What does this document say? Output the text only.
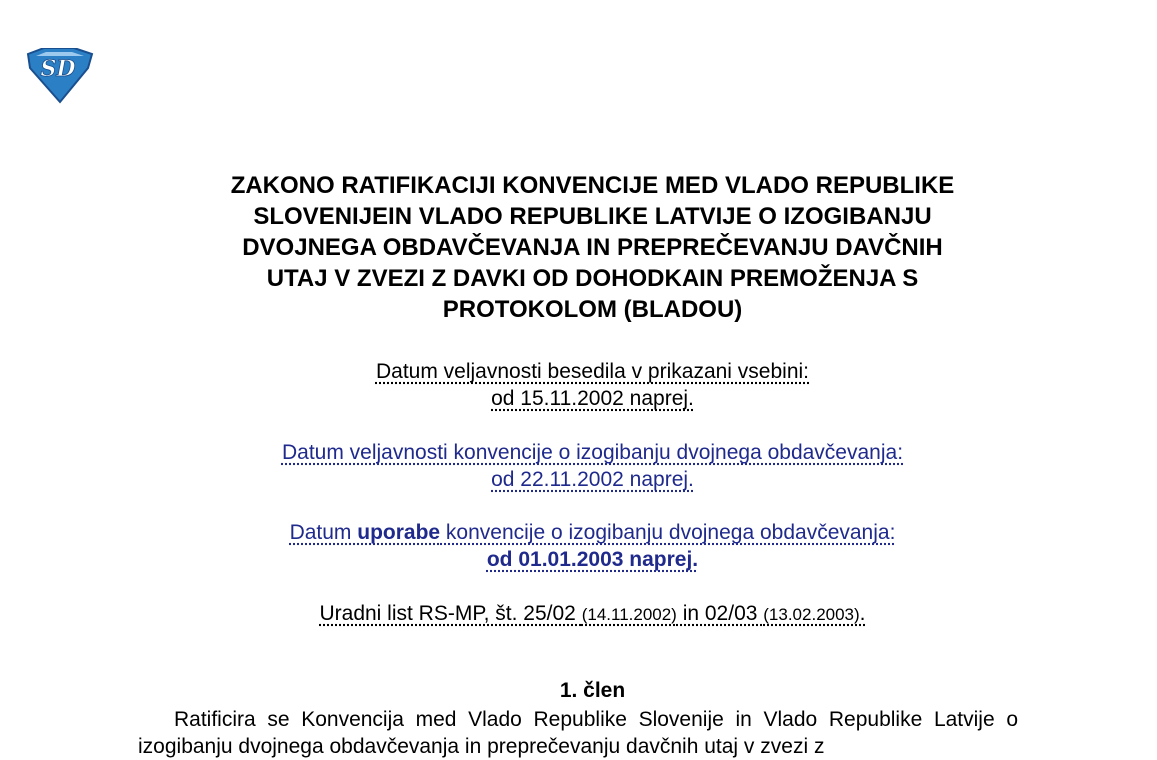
SD
ZAKONO RATIFIKACIJI KONVENCIJE MED VLADO REPUBLIKE
SLOVENIJEIN VLADO REPUBLIKE LATVIJE O IZOGIBANJU
DVOJNEGA OBDAVČEVANJA IN PREPREČEVANJU DAVČNIH
UTAJ V ZVEZI Z DAVKI OD DOHODKAIN PREMOŽENJA S
PROTOKOLOM (BLADOU)
Datum veljavnosti besedila v prikazani vsebini:
od 15.11.2002 naprej.
Datum veljavnosti konvencije o izogibanju dvojnega obdavčevanja:
od 22.11.2002 naprej.
Datum uporabe konvencije o izogibanju dvojnega obdavčevanja:
od 01.01.2003 naprej.
Uradni list RS-MP, št. 25/02 (14.11.2002) in 02/03 (13.02.2003).
1. člen
Ratificira se Konvencija med Vlado Republike Slovenije in Vlado Republike Latvije o izogibanju dvojnega obdavčevanja in preprečevanju davčnih utaj v zvezi z
